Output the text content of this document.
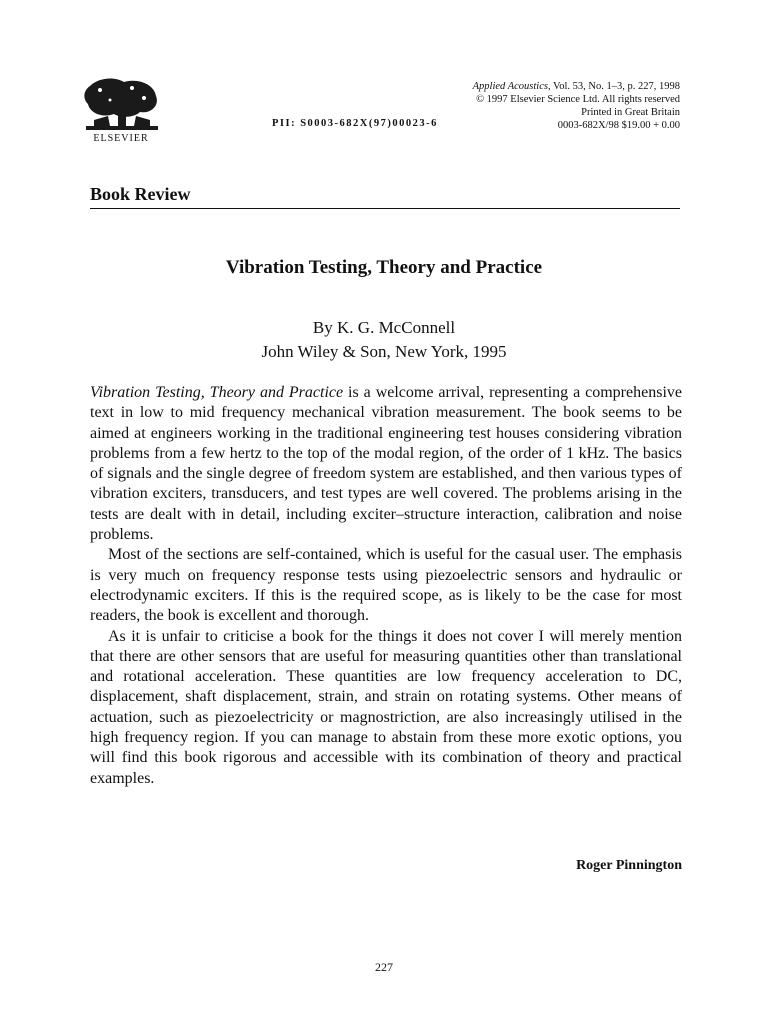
ELSEVIER
Applied Acoustics, Vol. 53, No. 1–3, p. 227, 1998
© 1997 Elsevier Science Ltd. All rights reserved
Printed in Great Britain
0003-682X/98 $19.00 + 0.00
PII: S0003-682X(97)00023-6
Book Review
Vibration Testing, Theory and Practice
By K. G. McConnell
John Wiley & Son, New York, 1995

Vibration Testing, Theory and Practice is a welcome arrival, representing a comprehensive text in low to mid frequency mechanical vibration measurement. The book seems to be aimed at engineers working in the traditional engineering test houses considering vibration problems from a few hertz to the top of the modal region, of the order of 1 kHz. The basics of signals and the single degree of freedom system are established, and then various types of vibration exciters, transducers, and test types are well covered. The problems arising in the tests are dealt with in detail, including exciter–structure interaction, calibration and noise problems.

Most of the sections are self-contained, which is useful for the casual user. The emphasis is very much on frequency response tests using piezoelectric sensors and hydraulic or electrodynamic exciters. If this is the required scope, as is likely to be the case for most readers, the book is excellent and thorough.

As it is unfair to criticise a book for the things it does not cover I will merely mention that there are other sensors that are useful for measuring quantities other than translational and rotational acceleration. These quantities are low frequency acceleration to DC, displacement, shaft displacement, strain, and strain on rotating systems. Other means of actuation, such as piezoelectricity or magnostriction, are also increasingly utilised in the high frequency region. If you can manage to abstain from these more exotic options, you will find this book rigorous and accessible with its combination of theory and practical examples.

Roger Pinnington
227
